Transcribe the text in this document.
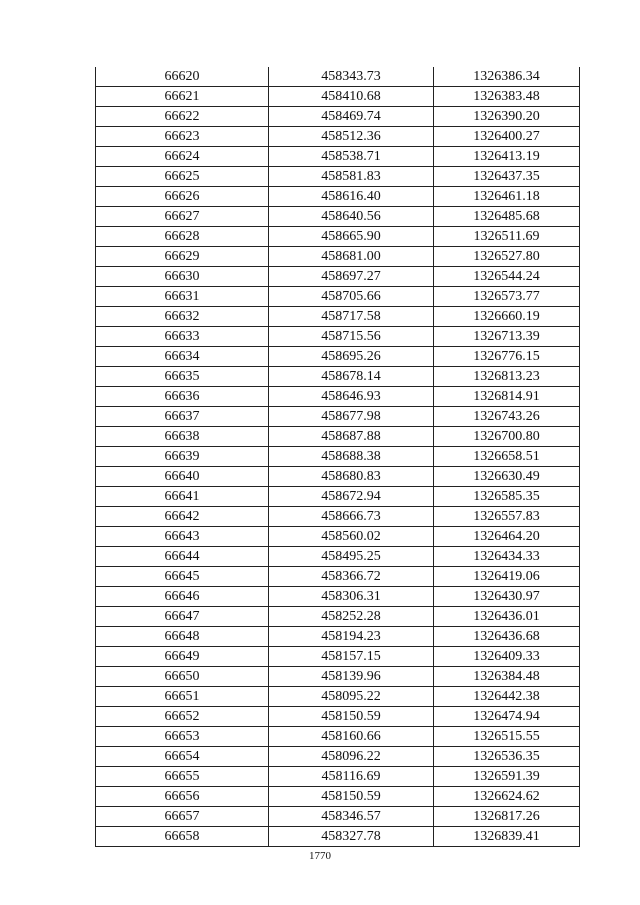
66620	458343.73	1326386.34
66621	458410.68	1326383.48
66622	458469.74	1326390.20
66623	458512.36	1326400.27
66624	458538.71	1326413.19
66625	458581.83	1326437.35
66626	458616.40	1326461.18
66627	458640.56	1326485.68
66628	458665.90	1326511.69
66629	458681.00	1326527.80
66630	458697.27	1326544.24
66631	458705.66	1326573.77
66632	458717.58	1326660.19
66633	458715.56	1326713.39
66634	458695.26	1326776.15
66635	458678.14	1326813.23
66636	458646.93	1326814.91
66637	458677.98	1326743.26
66638	458687.88	1326700.80
66639	458688.38	1326658.51
66640	458680.83	1326630.49
66641	458672.94	1326585.35
66642	458666.73	1326557.83
66643	458560.02	1326464.20
66644	458495.25	1326434.33
66645	458366.72	1326419.06
66646	458306.31	1326430.97
66647	458252.28	1326436.01
66648	458194.23	1326436.68
66649	458157.15	1326409.33
66650	458139.96	1326384.48
66651	458095.22	1326442.38
66652	458150.59	1326474.94
66653	458160.66	1326515.55
66654	458096.22	1326536.35
66655	458116.69	1326591.39
66656	458150.59	1326624.62
66657	458346.57	1326817.26
66658	458327.78	1326839.41
1770
